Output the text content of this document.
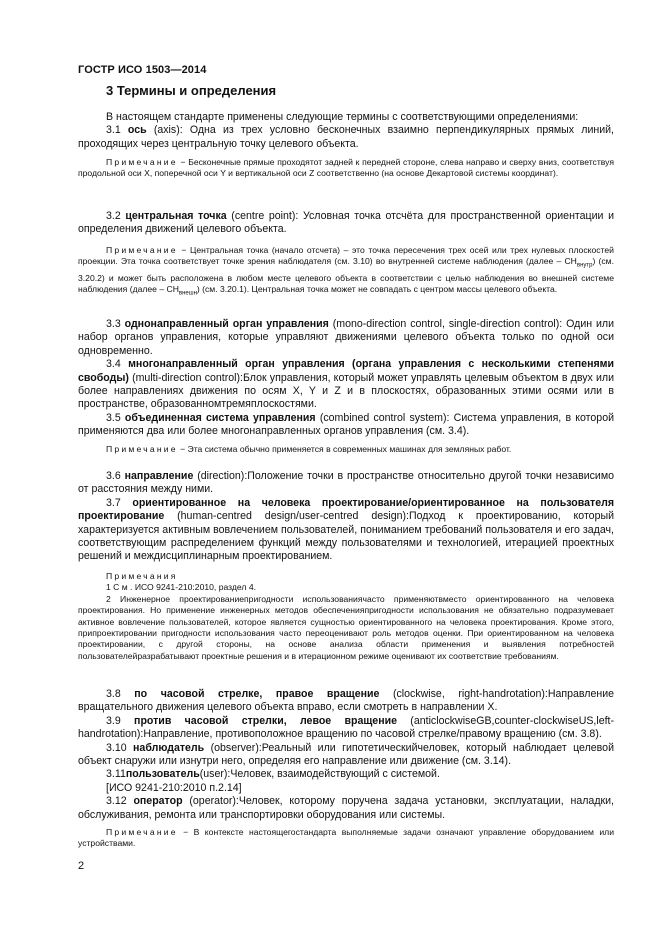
ГОСТР ИСО 1503—2014
3 Термины и определения

В настоящем стандарте применены следующие термины с соответствующими определениями:

3.1 ось (axis): Одна из трех условно бесконечных взаимно перпендикулярных прямых линий, проходящих через центральную точку целевого объекта.

Примечание − Бесконечные прямые проходятот задней к передней стороне, слева направо и сверху вниз, соответствуя продольной оси X, поперечной оси Y и вертикальной оси Z соответственно (на основе Декартовой системы координат).

3.2 центральная точка (centre point): Условная точка отсчёта для пространственной ориентации и определения движений целевого объекта.

Примечание − Центральная точка (начало отсчета) – это точка пересечения трех осей или трех нулевых плоскостей проекции. Эта точка соответствует точке зрения наблюдателя (см. 3.10) во внутренней системе наблюдения (далее – $CH_{внутр}$) (см. 3.20.2) и может быть расположена в любом месте целевого объекта в соответствии с целью наблюдения во внешней системе наблюдения (далее – $CH_{внешн}$) (см. 3.20.1). Центральная точка может не совпадать с центром массы целевого объекта.

3.3 однонаправленный орган управления (mono-direction control, single-direction control): Один или набор органов управления, которые управляют движениями целевого объекта только по одной оси одновременно.

3.4 многонаправленный орган управления (органа управления с несколькими степенями свободы) (multi-direction control):Блок управления, который может управлять целевым объектом в двух или более направлениях движения по осям X, Y и Z и в плоскостях, образованных этими осями или в пространстве, образованномтремяплоскостями.

3.5 объединенная система управления (combined control system): Система управления, в которой применяются два или более многонаправленных органов управления (см. 3.4).

Примечание − Эта система обычно применяется в современных машинах для земляных работ.

3.6 направление (direction):Положение точки в пространстве относительно другой точки независимо от расстояния между ними.

3.7 ориентированное на человека проектирование/ориентированное на пользователя проектирование (human-centred design/user-centred design):Подход к проектированию, который характеризуется активным вовлечением пользователей, пониманием требований пользователя и его задач, соответствующим распределением функций между пользователями и технологией, итерацией проектных решений и междисциплинарным проектированием.

Примечания

1 С м . ИСО 9241-210:2010, раздел 4.

2 Инженерное проектированиепригодности использованиячасто применяютвместо ориентированного на человека проектирования. Но применение инженерных методов обеспеченияпригодности использования не обязательно подразумевает активное вовлечение пользователей, которое является сущностью ориентированного на человека проектирования. Кроме этого, припроектировании пригодности использования часто переоценивают роль методов оценки. При ориентированном на человека проектировании, с другой стороны, на основе анализа области применения и выявления потребностей пользователейразрабатывают проектные решения и в итерационном режиме оценивают их соответствие требованиям.

3.8 по часовой стрелке, правое вращение (clockwise, right-handrotation):Направление вращательного движения целевого объекта вправо, если смотреть в направлении X.

3.9 против часовой стрелки, левое вращение (anticlockwiseGB,counter-clockwiseUS,left-handrotation):Направление, противоположное вращению по часовой стрелке/правому вращению (см. 3.8).

3.10 наблюдатель (observer):Реальный или гипотетическийчеловек, который наблюдает целевой объект снаружи или изнутри него, определяя его направление или движение (см. 3.14).

3.11пользователь(user):Человек, взаимодействующий с системой.

[ИСО 9241-210:2010 п.2.14]

3.12 оператор (operator):Человек, которому поручена задача установки, эксплуатации, наладки, обслуживания, ремонта или транспортировки оборудования или системы.

Примечание − В контексте настоящегостандарта выполняемые задачи означают управление оборудованием или устройствами.

2
